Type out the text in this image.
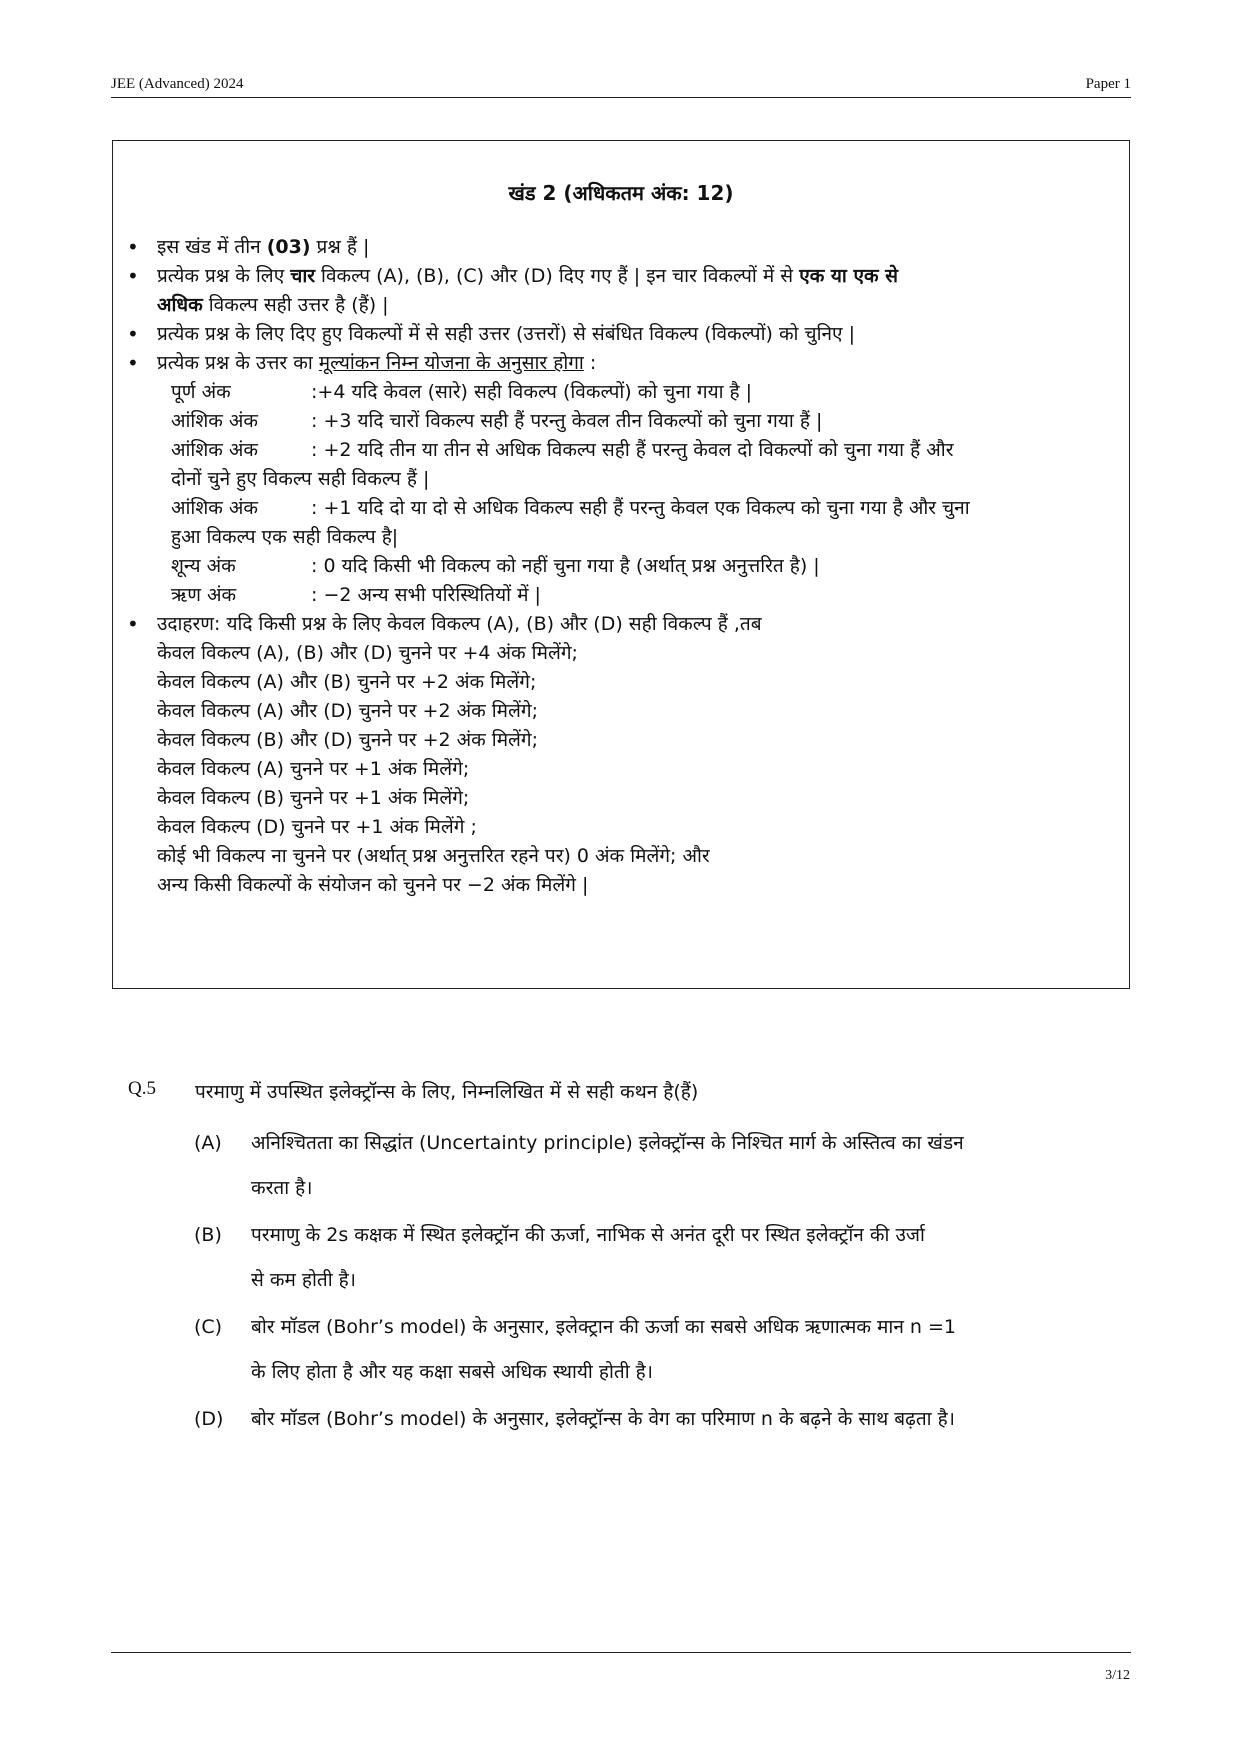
JEE (Advanced) 2024	Paper 1
खंड 2 (अधिकतम अंक: 12)
• इस खंड में तीन (03) प्रश्न हैं |
• प्रत्येक प्रश्न के लिए चार विकल्प (A), (B), (C) और (D) दिए गए हैं | इन चार विकल्पों में से एक या एक से
अधिक विकल्प सही उत्तर है (हैं) |
• प्रत्येक प्रश्न के लिए दिए हुए विकल्पों में से सही उत्तर (उत्तरों) से संबंधित विकल्प (विकल्पों) को चुनिए |
• प्रत्येक प्रश्न के उत्तर का मूल्यांकन निम्न योजना के अनुसार होगा :
पूर्ण अंक	:+4 यदि केवल (सारे) सही विकल्प (विकल्पों) को चुना गया है |
आंशिक अंक	: +3 यदि चारों विकल्प सही हैं परन्तु केवल तीन विकल्पों को चुना गया हैं |
आंशिक अंक	: +2 यदि तीन या तीन से अधिक विकल्प सही हैं परन्तु केवल दो विकल्पों को चुना गया हैं और
दोनों चुने हुए विकल्प सही विकल्प हैं |
आंशिक अंक	: +1 यदि दो या दो से अधिक विकल्प सही हैं परन्तु केवल एक विकल्प को चुना गया है और चुना
हुआ विकल्प एक सही विकल्प है|
शून्य अंक	: 0 यदि किसी भी विकल्प को नहीं चुना गया है (अर्थात् प्रश्न अनुत्तरित है) |
ऋण अंक	: −2 अन्य सभी परिस्थितियों में |
• उदाहरण: यदि किसी प्रश्न के लिए केवल विकल्प (A), (B) और (D) सही विकल्प हैं ,तब
केवल विकल्प (A), (B) और (D) चुनने पर +4 अंक मिलेंगे;
केवल विकल्प (A) और (B) चुनने पर +2 अंक मिलेंगे;
केवल विकल्प (A) और (D) चुनने पर +2 अंक मिलेंगे;
केवल विकल्प (B) और (D) चुनने पर +2 अंक मिलेंगे;
केवल विकल्प (A) चुनने पर +1 अंक मिलेंगे;
केवल विकल्प (B) चुनने पर +1 अंक मिलेंगे;
केवल विकल्प (D) चुनने पर +1 अंक मिलेंगे ;
कोई भी विकल्प ना चुनने पर (अर्थात् प्रश्न अनुत्तरित रहने पर) 0 अंक मिलेंगे; और
अन्य किसी विकल्पों के संयोजन को चुनने पर −2 अंक मिलेंगे |
Q.5	परमाणु में उपस्थित इलेक्ट्रॉन्स के लिए, निम्नलिखित में से सही कथन है(हैं)
(A)	अनिश्चितता का सिद्धांत (Uncertainty principle) इलेक्ट्रॉन्स के निश्चित मार्ग के अस्तित्व का खंडन
करता है।
(B)	परमाणु के 2s कक्षक में स्थित इलेक्ट्रॉन की ऊर्जा, नाभिक से अनंत दूरी पर स्थित इलेक्ट्रॉन की उर्जा
से कम होती है।
(C)	बोर मॉडल (Bohr’s model) के अनुसार, इलेक्ट्रान की ऊर्जा का सबसे अधिक ऋणात्मक मान n =1
के लिए होता है और यह कक्षा सबसे अधिक स्थायी होती है।
(D)	बोर मॉडल (Bohr’s model) के अनुसार, इलेक्ट्रॉन्स के वेग का परिमाण n के बढ़ने के साथ बढ़ता है।
3/12
